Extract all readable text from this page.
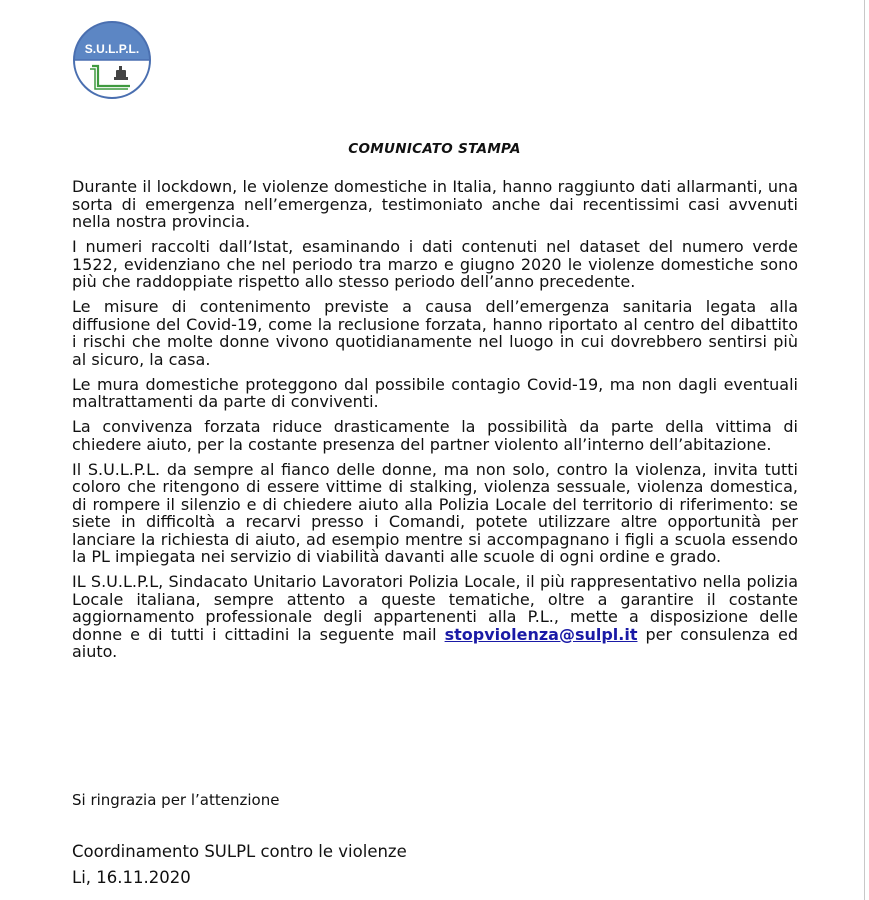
S.U.L.P.L.
COMUNICATO STAMPA

Durante il lockdown, le violenze domestiche in Italia, hanno raggiunto dati allarmanti, una sorta di emergenza nell’emergenza, testimoniato anche dai recentissimi casi avvenuti nella nostra provincia.

I numeri raccolti dall’Istat, esaminando i dati contenuti nel dataset del numero verde 1522, evidenziano che nel periodo tra marzo e giugno 2020 le violenze domestiche sono più che raddoppiate rispetto allo stesso periodo dell’anno precedente.

Le misure di contenimento previste a causa dell’emergenza sanitaria legata alla diffusione del Covid-19, come la reclusione forzata, hanno riportato al centro del dibattito i rischi che molte donne vivono quotidianamente nel luogo in cui dovrebbero sentirsi più al sicuro, la casa.

Le mura domestiche proteggono dal possibile contagio Covid-19, ma non dagli eventuali maltrattamenti da parte di conviventi.

La convivenza forzata riduce drasticamente la possibilità da parte della vittima di chiedere aiuto, per la costante presenza del partner violento all’interno dell’abitazione.

Il S.U.L.P.L. da sempre al fianco delle donne, ma non solo, contro la violenza, invita tutti coloro che ritengono di essere vittime di stalking, violenza sessuale, violenza domestica, di rompere il silenzio e di chiedere aiuto alla Polizia Locale del territorio di riferimento: se siete in difficoltà a recarvi presso i Comandi, potete utilizzare altre opportunità per lanciare la richiesta di aiuto, ad esempio mentre si accompagnano i figli a scuola essendo la PL impiegata nei servizio di viabilità davanti alle scuole di ogni ordine e grado.

IL S.U.L.P.L, Sindacato Unitario Lavoratori Polizia Locale, il più rappresentativo nella polizia Locale italiana, sempre attento a queste tematiche, oltre a garantire il costante aggiornamento professionale degli appartenenti alla P.L., mette a disposizione delle donne e di tutti i cittadini la seguente mail stopviolenza@sulpl.it per consulenza ed aiuto.

Si ringrazia per l’attenzione
Coordinamento SULPL contro le violenze
Li, 16.11.2020
